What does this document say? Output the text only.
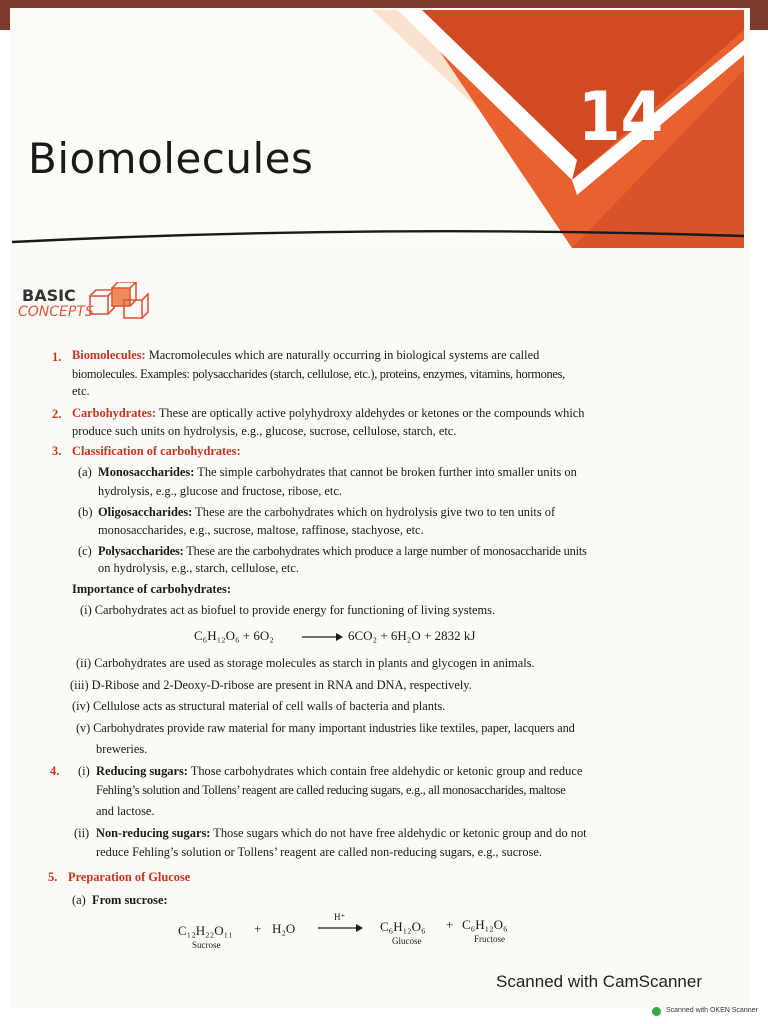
Biomolecules
14
BASIC
CONCEPTS
1. Biomolecules: Macromolecules which are naturally occurring in biological systems are called
biomolecules. Examples: polysaccharides (starch, cellulose, etc.), proteins, enzymes, vitamins, hormones,
etc.
2. Carbohydrates: These are optically active polyhydroxy aldehydes or ketones or the compounds which
produce such units on hydrolysis, e.g., glucose, sucrose, cellulose, starch, etc.
3. Classification of carbohydrates:
(a) Monosaccharides: The simple carbohydrates that cannot be broken further into smaller units on
hydrolysis, e.g., glucose and fructose, ribose, etc.
(b) Oligosaccharides: These are the carbohydrates which on hydrolysis give two to ten units of
monosaccharides, e.g., sucrose, maltose, raffinose, stachyose, etc.
(c) Polysaccharides: These are the carbohydrates which produce a large number of monosaccharide units
on hydrolysis, e.g., starch, cellulose, etc.
Importance of carbohydrates:
(i) Carbohydrates act as biofuel to provide energy for functioning of living systems.
C₆H₁₂O₆ + 6O₂ → 6CO₂ + 6H₂O + 2832 kJ
(ii) Carbohydrates are used as storage molecules as starch in plants and glycogen in animals.
(iii) D-Ribose and 2-Deoxy-D-ribose are present in RNA and DNA, respectively.
(iv) Cellulose acts as structural material of cell walls of bacteria and plants.
(v) Carbohydrates provide raw material for many important industries like textiles, paper, lacquers and
breweries.
4. (i) Reducing sugars: Those carbohydrates which contain free aldehydic or ketonic group and reduce
Fehling’s solution and Tollens’ reagent are called reducing sugars, e.g., all monosaccharides, maltose
and lactose.
(ii) Non-reducing sugars: Those sugars which do not have free aldehydic or ketonic group and do not
reduce Fehling’s solution or Tollens’ reagent are called non-reducing sugars, e.g., sucrose.
5. Preparation of Glucose
(a) From sucrose:
C₁₂H₂₂O₁₁
Sucrose
+ H₂O
H⁺
→ C₆H₁₂O₆
Glucose
+ C₆H₁₂O₆
Fructose
Scanned with CamScanner
Scanned with OKEN Scanner
